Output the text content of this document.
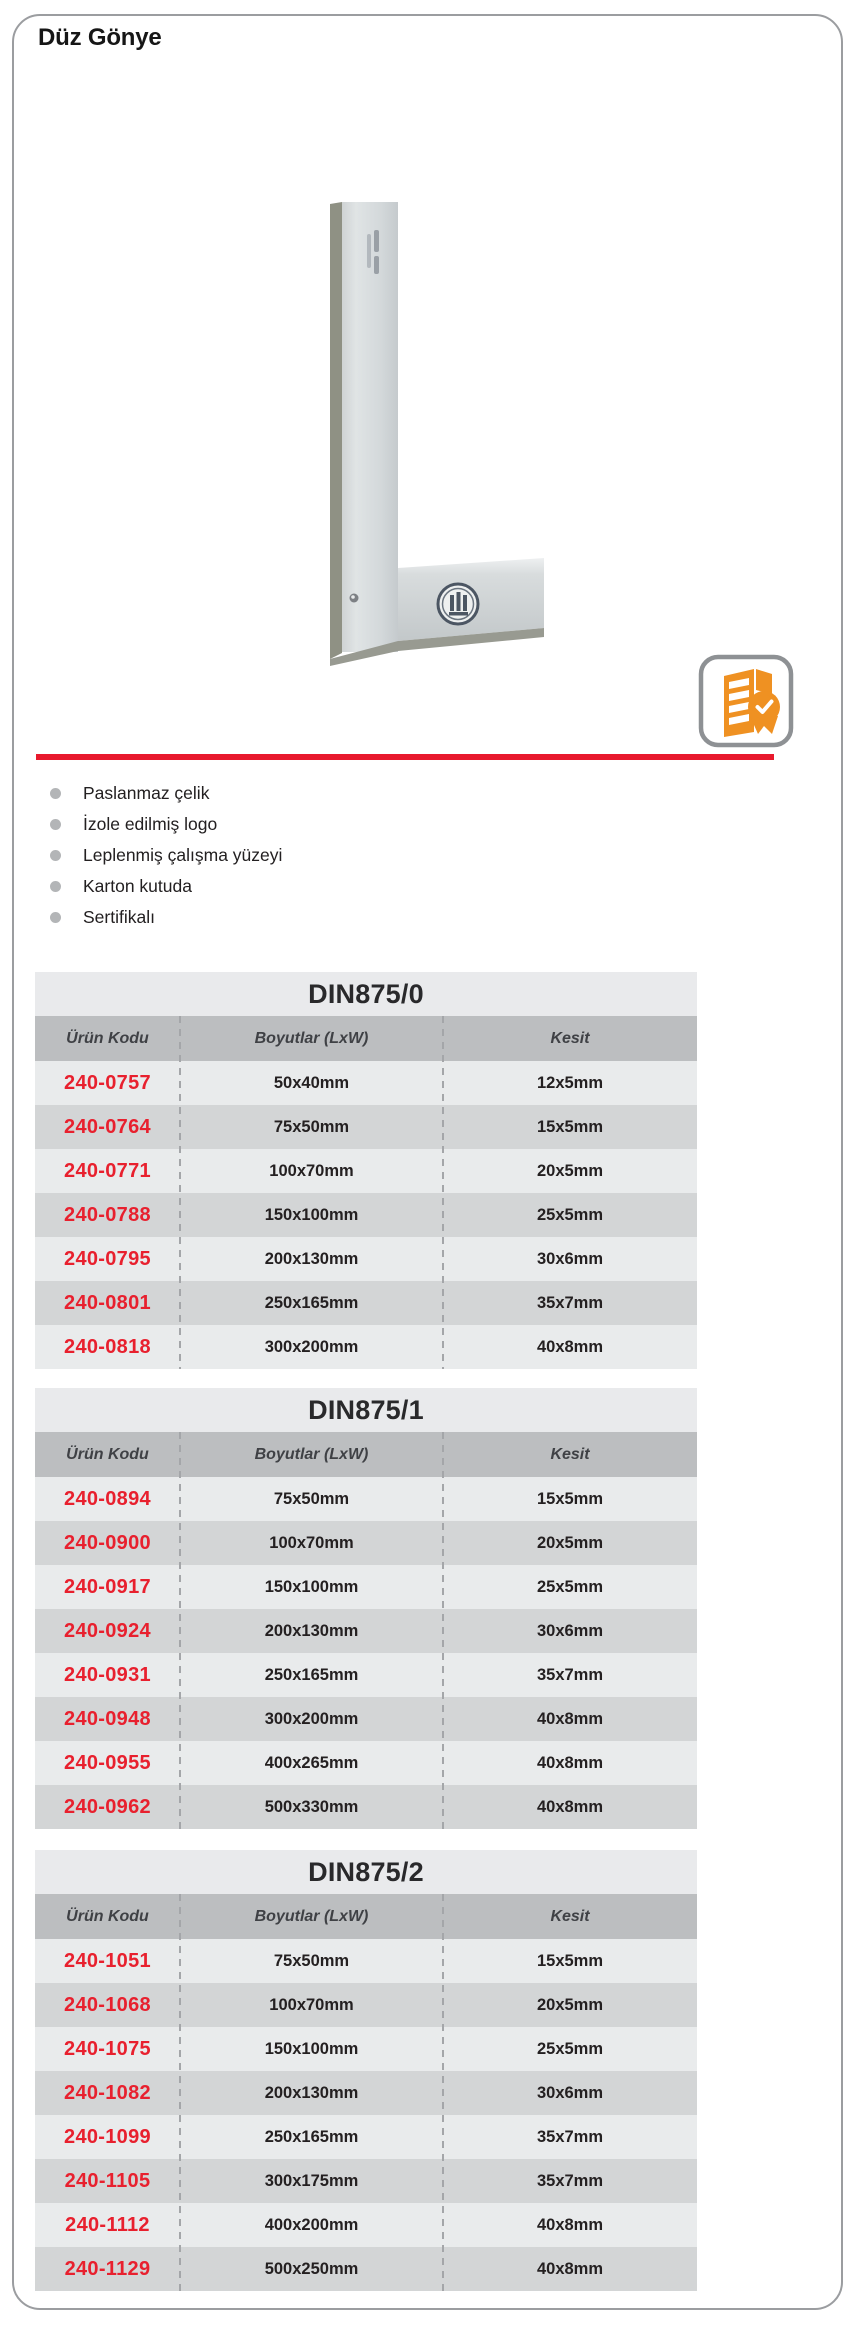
Düz Gönye
Paslanmaz çelik
İzole edilmiş logo
Leplenmiş çalışma yüzeyi
Karton kutuda
Sertifikalı
DIN875/0
Ürün Kodu	Boyutlar (LxW)	Kesit
240-0757	50x40mm	12x5mm
240-0764	75x50mm	15x5mm
240-0771	100x70mm	20x5mm
240-0788	150x100mm	25x5mm
240-0795	200x130mm	30x6mm
240-0801	250x165mm	35x7mm
240-0818	300x200mm	40x8mm
DIN875/1
Ürün Kodu	Boyutlar (LxW)	Kesit
240-0894	75x50mm	15x5mm
240-0900	100x70mm	20x5mm
240-0917	150x100mm	25x5mm
240-0924	200x130mm	30x6mm
240-0931	250x165mm	35x7mm
240-0948	300x200mm	40x8mm
240-0955	400x265mm	40x8mm
240-0962	500x330mm	40x8mm
DIN875/2
Ürün Kodu	Boyutlar (LxW)	Kesit
240-1051	75x50mm	15x5mm
240-1068	100x70mm	20x5mm
240-1075	150x100mm	25x5mm
240-1082	200x130mm	30x6mm
240-1099	250x165mm	35x7mm
240-1105	300x175mm	35x7mm
240-1112	400x200mm	40x8mm
240-1129	500x250mm	40x8mm
